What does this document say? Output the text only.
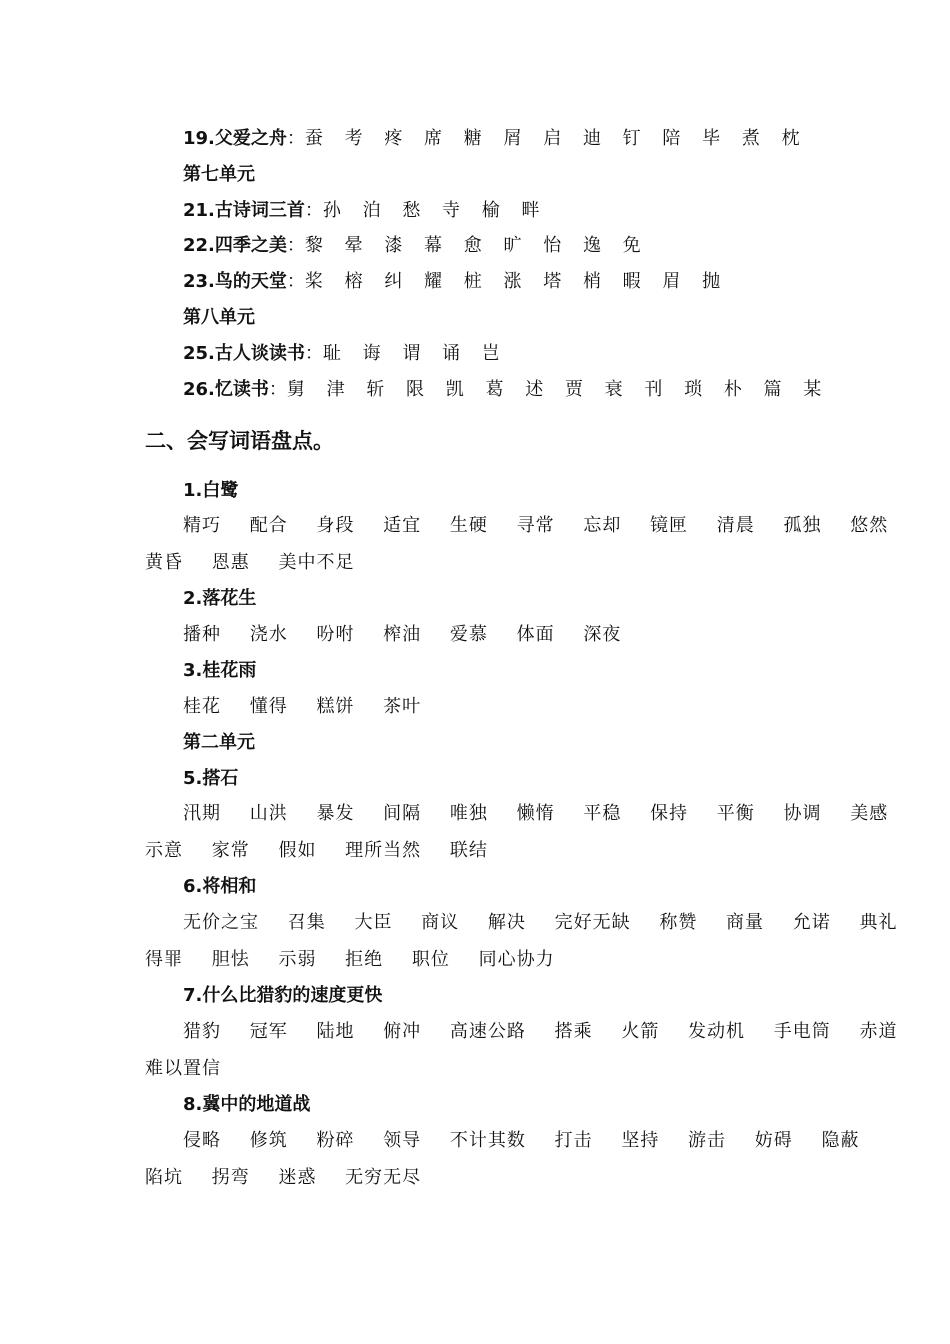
19.父爱之舟：蚕 考 疼 席 糖 屑 启 迪 钉 陪 毕 煮 枕
第七单元
21.古诗词三首：孙 泊 愁 寺 榆 畔
22.四季之美：黎 晕 漆 幕 愈 旷 怡 逸 免
23.鸟的天堂：桨 榕 纠 耀 桩 涨 塔 梢 暇 眉 抛
第八单元
25.古人谈读书：耻 诲 谓 诵 岂
26.忆读书：舅 津 斩 限 凯 葛 述 贾 衰 刊 琐 朴 篇 某
二、会写词语盘点。
1.白鹭
精巧 配合 身段 适宜 生硬 寻常 忘却 镜匣 清晨 孤独 悠然
黄昏 恩惠 美中不足
2.落花生
播种 浇水 吩咐 榨油 爱慕 体面 深夜
3.桂花雨
桂花 懂得 糕饼 茶叶
第二单元
5.搭石
汛期 山洪 暴发 间隔 唯独 懒惰 平稳 保持 平衡 协调 美感
示意 家常 假如 理所当然 联结
6.将相和
无价之宝 召集 大臣 商议 解决 完好无缺 称赞 商量 允诺 典礼
得罪 胆怯 示弱 拒绝 职位 同心协力
7.什么比猎豹的速度更快
猎豹 冠军 陆地 俯冲 高速公路 搭乘 火箭 发动机 手电筒 赤道
难以置信
8.冀中的地道战
侵略 修筑 粉碎 领导 不计其数 打击 坚持 游击 妨碍 隐蔽
陷坑 拐弯 迷惑 无穷无尽
